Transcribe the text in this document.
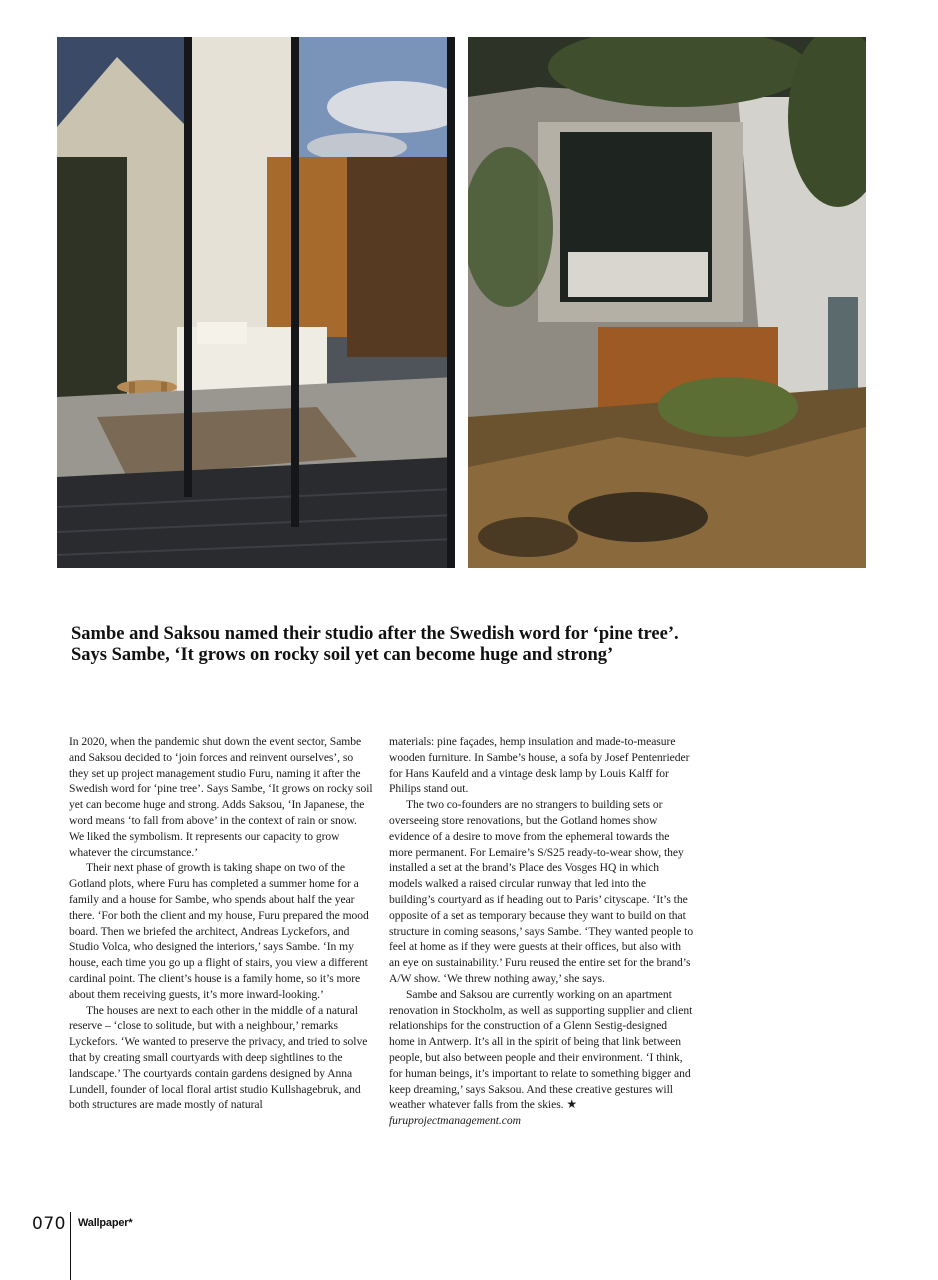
Sambe and Saksou named their studio after the Swedish word for ‘pine tree’.
Says Sambe, ‘It grows on rocky soil yet can become huge and strong’

In 2020, when the pandemic shut down the event sector, Sambe and Saksou decided to ‘join forces and reinvent ourselves’, so they set up project management studio Furu, naming it after the Swedish word for ‘pine tree’. Says Sambe, ‘It grows on rocky soil yet can become huge and strong. Adds Saksou, ‘In Japanese, the word means ‘to fall from above’ in the context of rain or snow. We liked the symbolism. It represents our capacity to grow whatever the circumstance.’

Their next phase of growth is taking shape on two of the Gotland plots, where Furu has completed a summer home for a family and a house for Sambe, who spends about half the year there. ‘For both the client and my house, Furu prepared the mood board. Then we briefed the architect, Andreas Lyckefors, and Studio Volca, who designed the interiors,’ says Sambe. ‘In my house, each time you go up a flight of stairs, you view a different cardinal point. The client’s house is a family home, so it’s more about them receiving guests, it’s more inward-looking.’

The houses are next to each other in the middle of a natural reserve – ‘close to solitude, but with a neighbour,’ remarks Lyckefors. ‘We wanted to preserve the privacy, and tried to solve that by creating small courtyards with deep sightlines to the landscape.’ The courtyards contain gardens designed by Anna Lundell, founder of local floral artist studio Kullshagebruk, and both structures are made mostly of natural

materials: pine façades, hemp insulation and made-to-measure wooden furniture. In Sambe’s house, a sofa by Josef Pentenrieder for Hans Kaufeld and a vintage desk lamp by Louis Kalff for Philips stand out.

The two co-founders are no strangers to building sets or overseeing store renovations, but the Gotland homes show evidence of a desire to move from the ephemeral towards the more permanent. For Lemaire’s S/S25 ready-to-wear show, they installed a set at the brand’s Place des Vosges HQ in which models walked a raised circular runway that led into the building’s courtyard as if heading out to Paris’ cityscape. ‘It’s the opposite of a set as temporary because they want to build on that structure in coming seasons,’ says Sambe. ‘They wanted people to feel at home as if they were guests at their offices, but also with an eye on sustainability.’ Furu reused the entire set for the brand’s A/W show. ‘We threw nothing away,’ she says.

Sambe and Saksou are currently working on an apartment renovation in Stockholm, as well as supporting supplier and client relationships for the construction of a Glenn Sestig-designed home in Antwerp. It’s all in the spirit of being that link between people, but also between people and their environment. ‘I think, for human beings, it’s important to relate to something bigger and keep dreaming,’ says Saksou. And these creative gestures will weather whatever falls from the skies. ★ furuprojectmanagement.com

070 Wallpaper*
